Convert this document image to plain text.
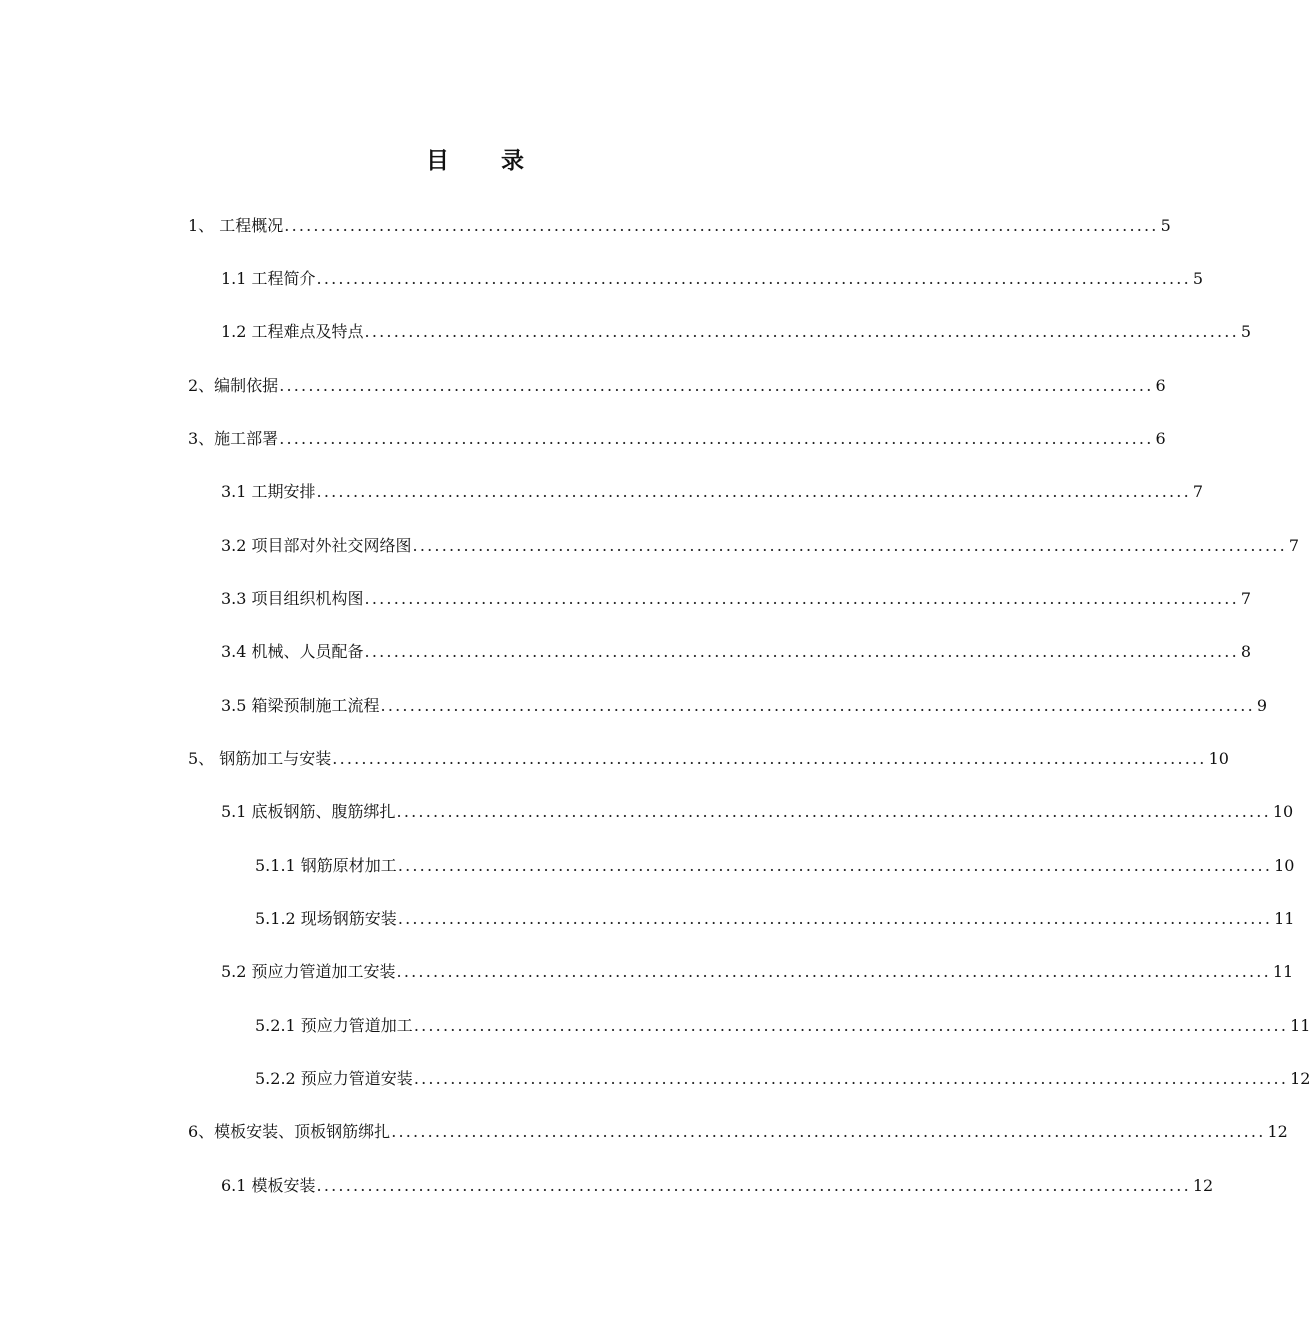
目 录
1、 工程概况 ........................................................................................................................ 5
1.1 工程简介 ........................................................................................................................ 5
1.2 工程难点及特点 ........................................................................................................................ 5
2、编制依据 ........................................................................................................................ 6
3、施工部署 ........................................................................................................................ 6
3.1 工期安排 ........................................................................................................................ 7
3.2 项目部对外社交网络图 ........................................................................................................................ 7
3.3 项目组织机构图 ........................................................................................................................ 7
3.4 机械、人员配备 ........................................................................................................................ 8
3.5 箱梁预制施工流程 ........................................................................................................................ 9
5、 钢筋加工与安装 ........................................................................................................................ 10
5.1 底板钢筋、腹筋绑扎 ........................................................................................................................ 10
5.1.1 钢筋原材加工 ........................................................................................................................ 10
5.1.2 现场钢筋安装 ........................................................................................................................ 11
5.2 预应力管道加工安装 ........................................................................................................................ 11
5.2.1 预应力管道加工 ........................................................................................................................ 11
5.2.2 预应力管道安装 ........................................................................................................................ 12
6、模板安装、顶板钢筋绑扎 ........................................................................................................................ 12
6.1 模板安装 ........................................................................................................................ 12
